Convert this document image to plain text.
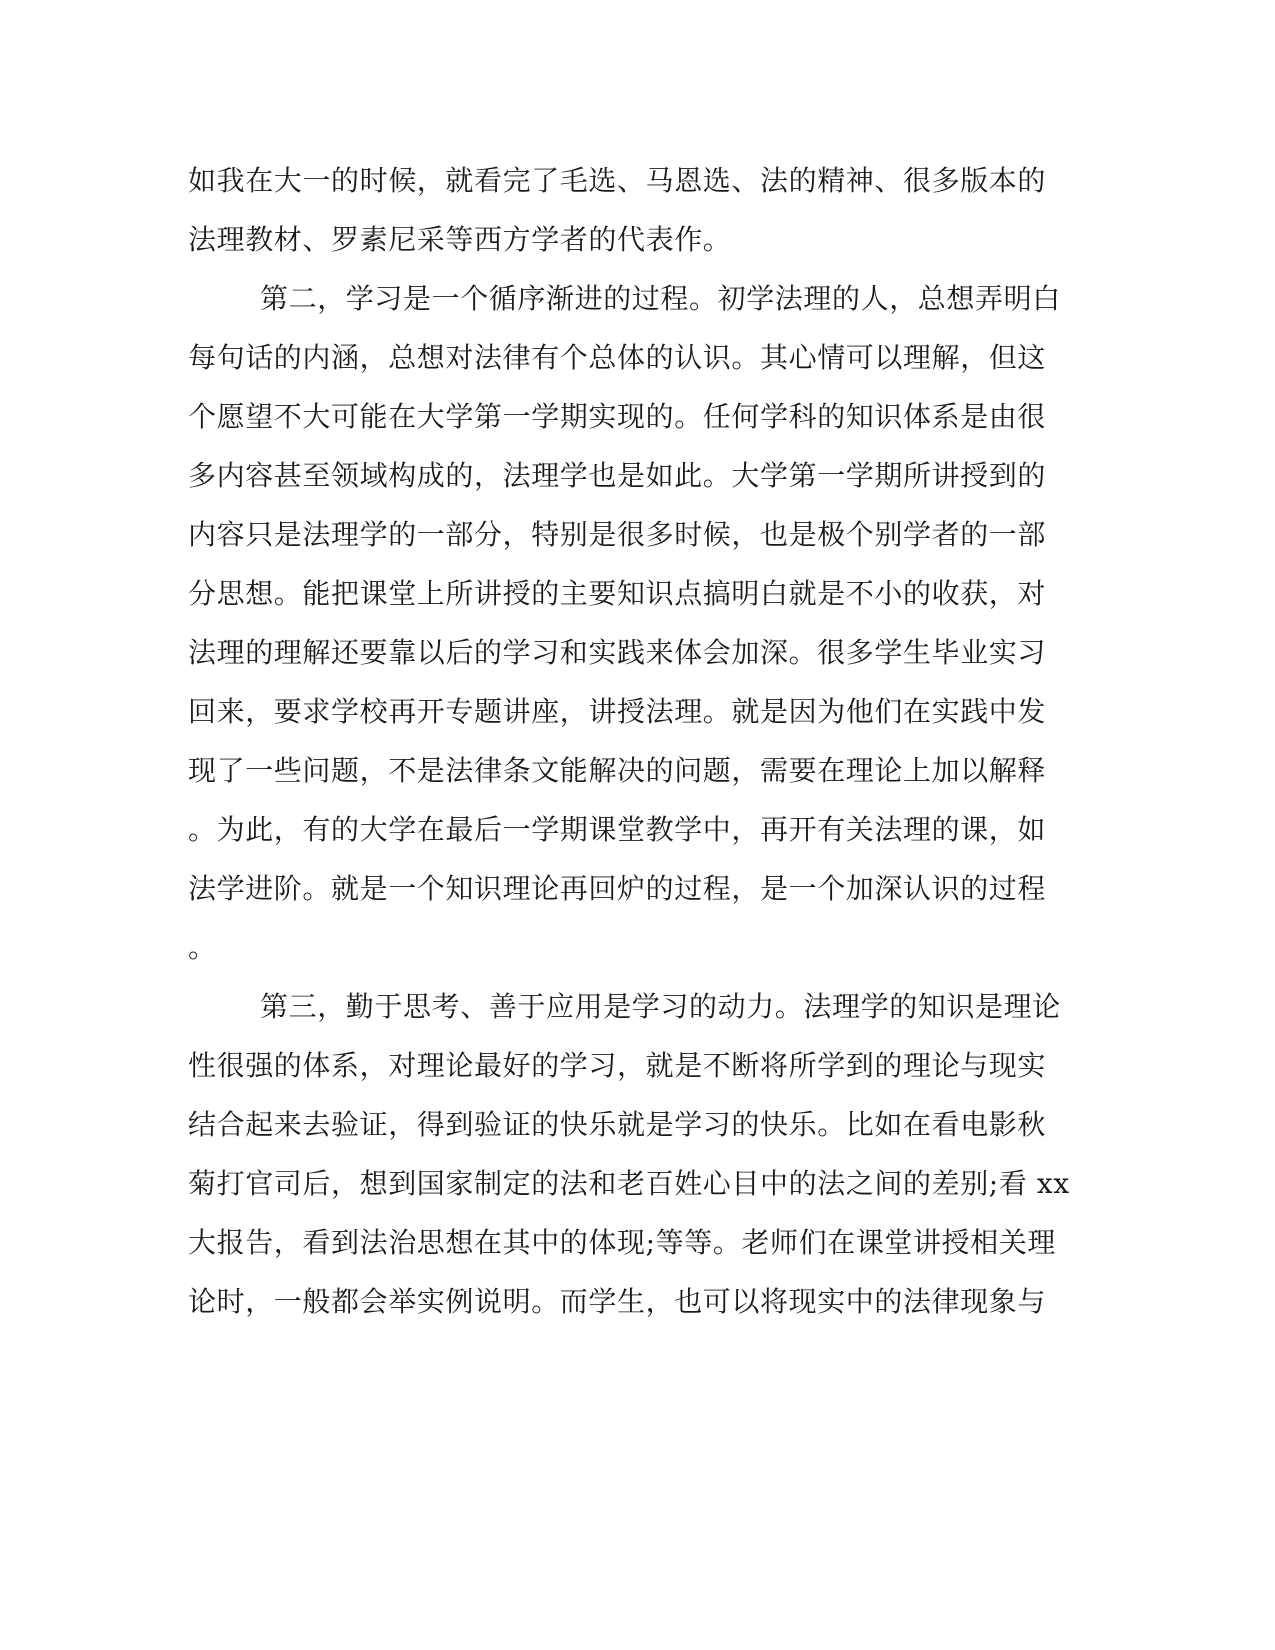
如我在大一的时候，就看完了毛选、马恩选、法的精神、很多版本的

法理教材、罗素尼采等西方学者的代表作。

第二，学习是一个循序渐进的过程。初学法理的人，总想弄明白

每句话的内涵，总想对法律有个总体的认识。其心情可以理解，但这

个愿望不大可能在大学第一学期实现的。任何学科的知识体系是由很

多内容甚至领域构成的，法理学也是如此。大学第一学期所讲授到的

内容只是法理学的一部分，特别是很多时候，也是极个别学者的一部

分思想。能把课堂上所讲授的主要知识点搞明白就是不小的收获，对

法理的理解还要靠以后的学习和实践来体会加深。很多学生毕业实习

回来，要求学校再开专题讲座，讲授法理。就是因为他们在实践中发

现了一些问题，不是法律条文能解决的问题，需要在理论上加以解释

。为此，有的大学在最后一学期课堂教学中，再开有关法理的课，如

法学进阶。就是一个知识理论再回炉的过程，是一个加深认识的过程

。

第三，勤于思考、善于应用是学习的动力。法理学的知识是理论

性很强的体系，对理论最好的学习，就是不断将所学到的理论与现实

结合起来去验证，得到验证的快乐就是学习的快乐。比如在看电影秋

菊打官司后，想到国家制定的法和老百姓心目中的法之间的差别;看 xx

大报告，看到法治思想在其中的体现;等等。老师们在课堂讲授相关理

论时，一般都会举实例说明。而学生，也可以将现实中的法律现象与
